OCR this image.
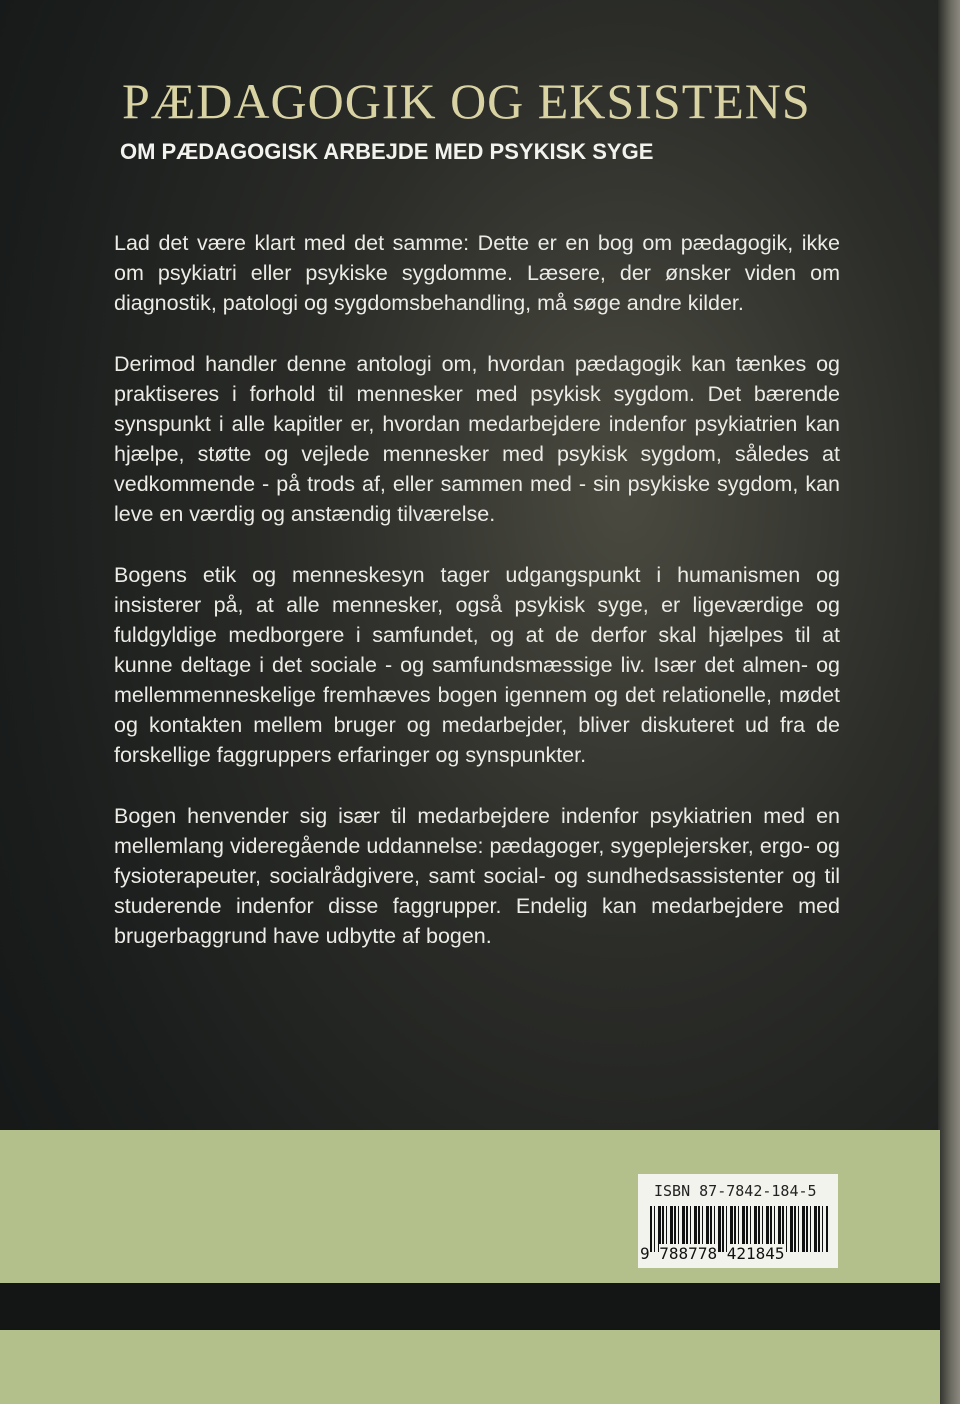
PÆDAGOGIK OG EKSISTENS
OM PÆDAGOGISK ARBEJDE MED PSYKISK SYGE

Lad det være klart med det samme: Dette er en bog om pædagogik, ikke om psykiatri eller psykiske sygdomme. Læsere, der ønsker viden om diagnostik, patologi og sygdomsbehandling, må søge andre kilder.

Derimod handler denne antologi om, hvordan pædagogik kan tænkes og praktiseres i forhold til mennesker med psykisk sygdom. Det bærende synspunkt i alle kapitler er, hvordan medarbejdere indenfor psykiatrien kan hjælpe, støtte og vejlede mennesker med psykisk sygdom, således at vedkommende - på trods af, eller sammen med - sin psykiske sygdom, kan leve en værdig og anstændig tilværelse.

Bogens etik og menneskesyn tager udgangspunkt i humanismen og insisterer på, at alle mennesker, også psykisk syge, er ligeværdige og fuldgyldige medborgere i samfundet, og at de derfor skal hjælpes til at kunne deltage i det sociale - og samfundsmæssige liv. Især det almen- og mellemmenneskelige fremhæves bogen igennem og det relationelle, mødet og kontakten mellem bruger og medarbejder, bliver diskuteret ud fra de forskellige faggruppers erfaringer og synspunkter.

Bogen henvender sig især til medarbejdere indenfor psykiatrien med en mellemlang videregående uddannelse: pædagoger, sygeplejersker, ergo- og fysioterapeuter, socialrådgivere, samt social- og sundhedsassistenter og til studerende indenfor disse faggrupper. Endelig kan medarbejdere med brugerbaggrund have udbytte af bogen.

ISBN 87-7842-184-5
9 788778 421845
